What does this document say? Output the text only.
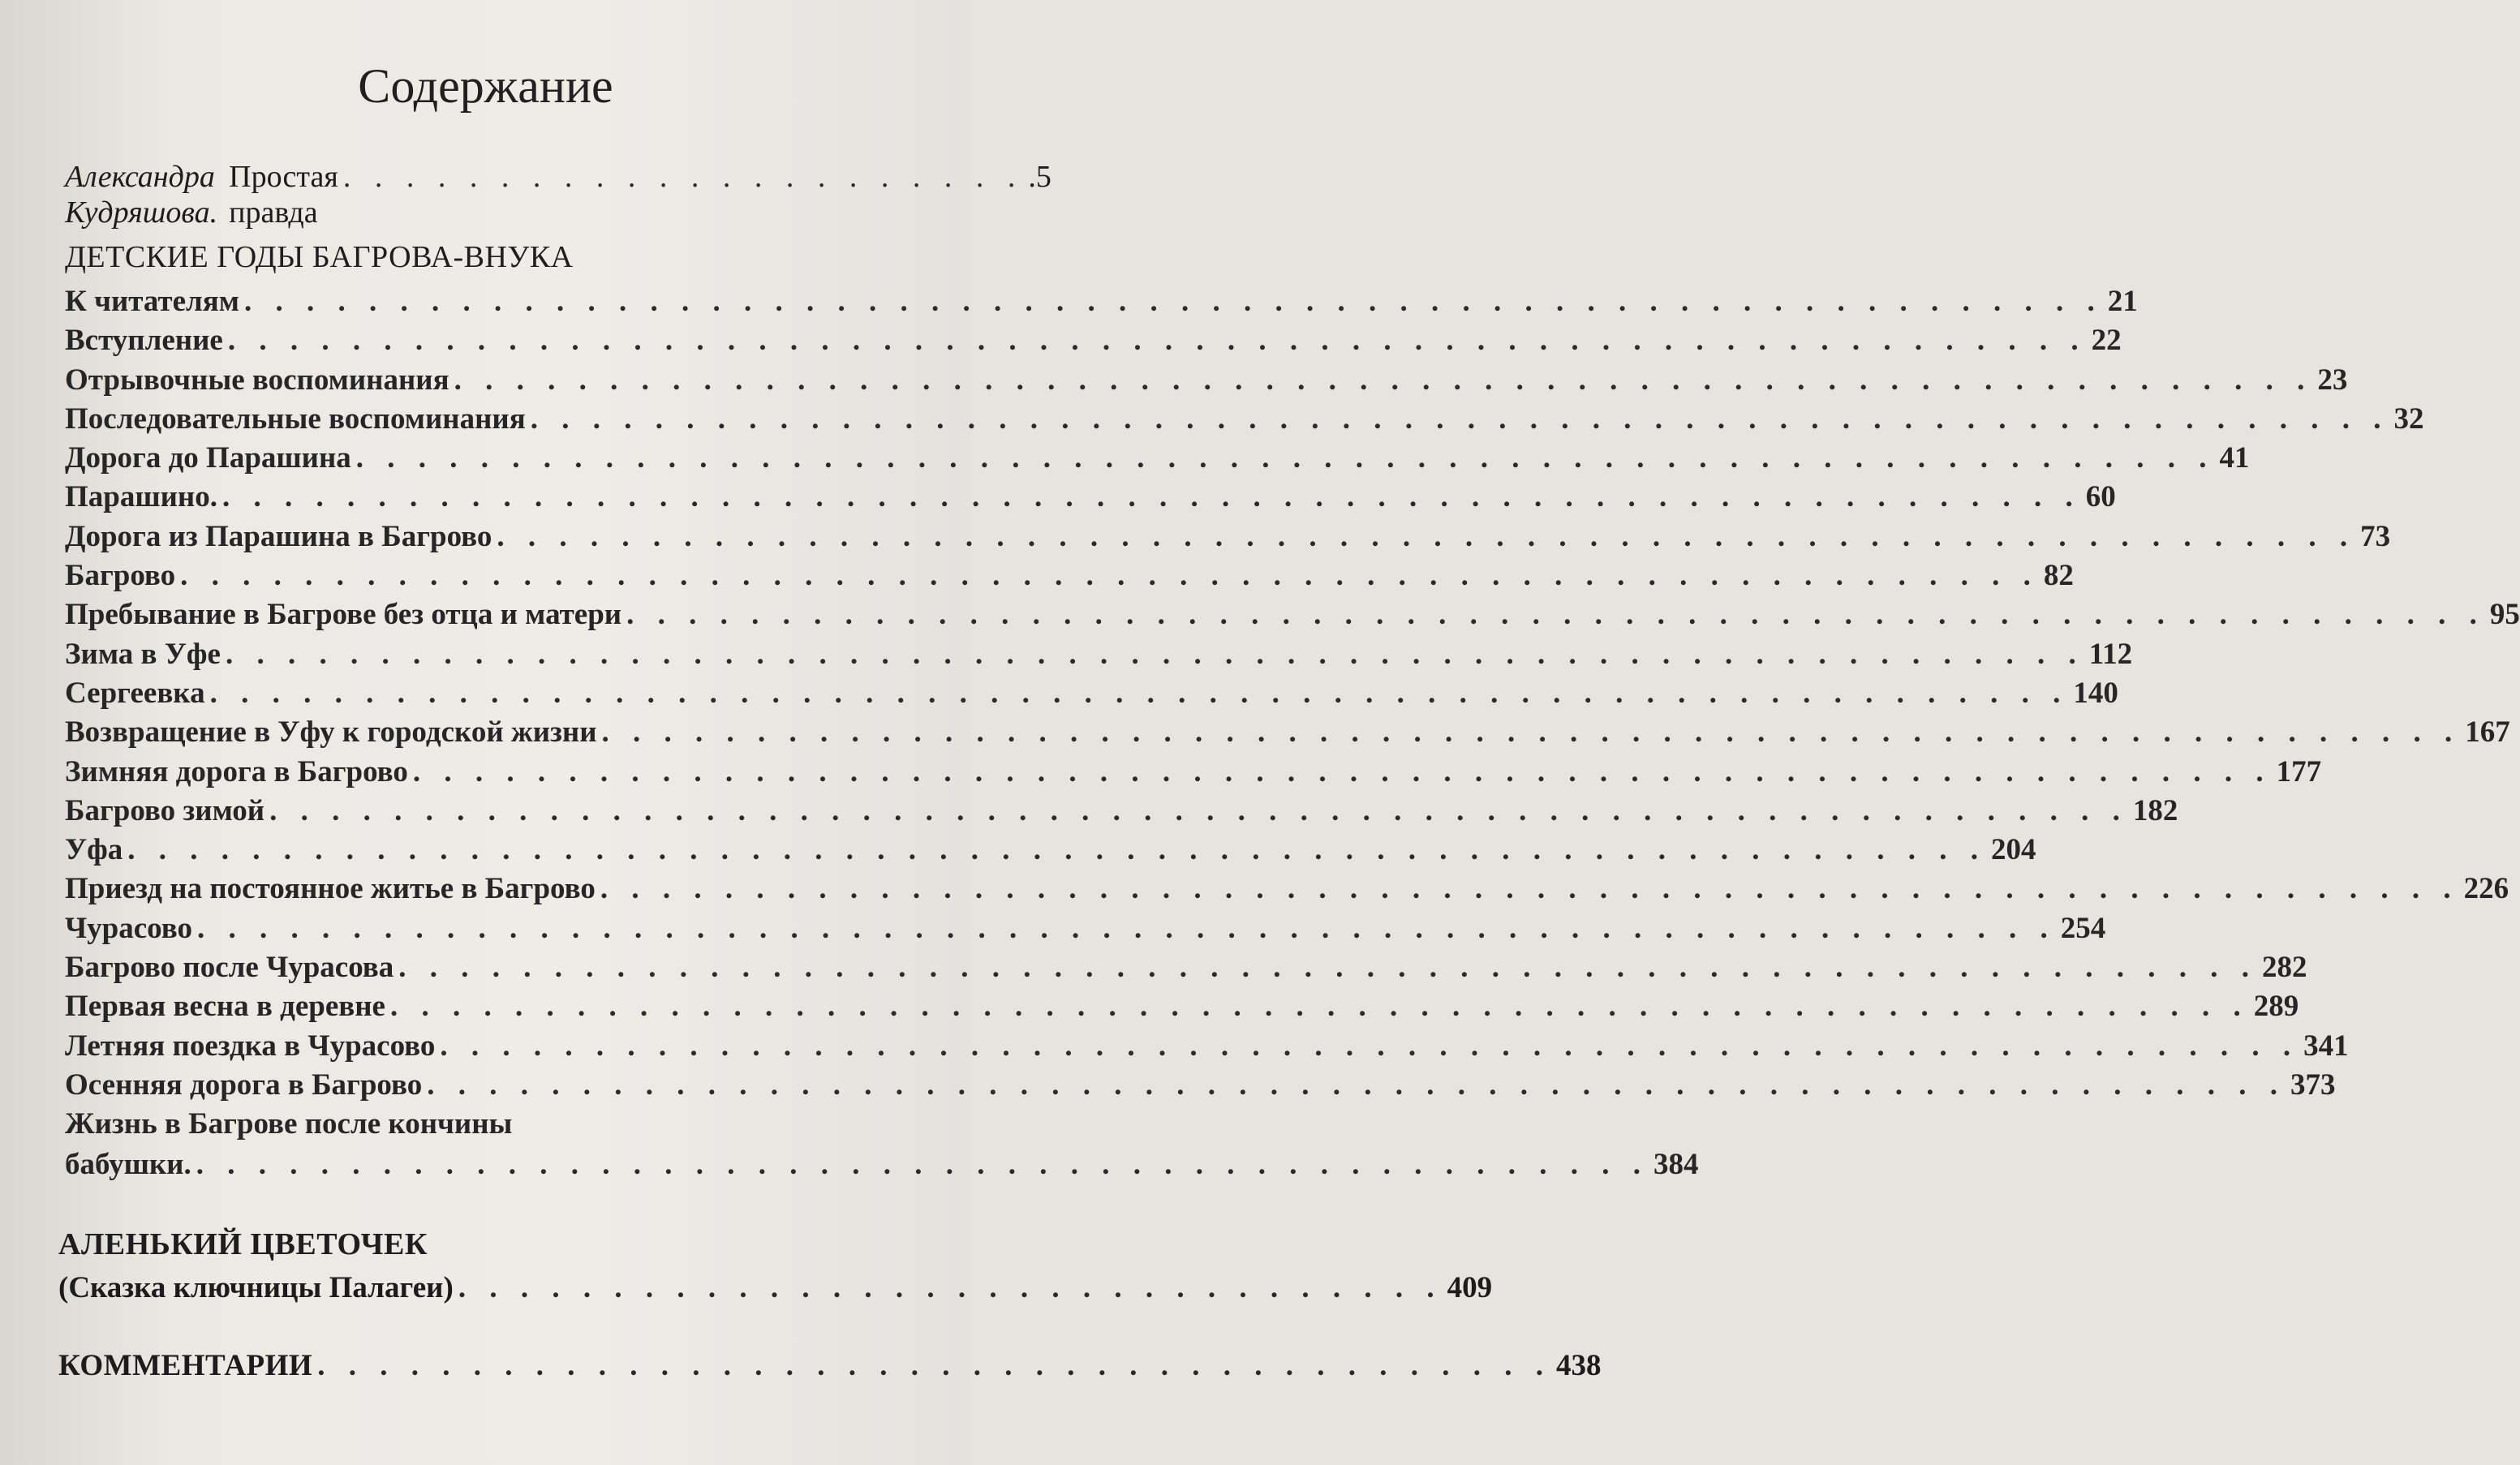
Содержание
Александра Кудряшова.
Простая правда
. . . . . . . . . . . . . . . . . . . . . . .5
ДЕТСКИЕ ГОДЫ БАГРОВА-ВНУКА
К читателям . . . . . . . . . . . . . . . . . . . . . . . . . . . . . . . . . . . . . . . . . . . . . . . . . . . . . . . . . . . . 21
Вступление . . . . . . . . . . . . . . . . . . . . . . . . . . . . . . . . . . . . . . . . . . . . . . . . . . . . . . . . . . . . 22
Отрывочные воспоминания . . . . . . . . . . . . . . . . . . . . . . . . . . . . . . . . . . . . . . . . . . . . . . . . . . . . . . . . . . . . 23
Последовательные воспоминания . . . . . . . . . . . . . . . . . . . . . . . . . . . . . . . . . . . . . . . . . . . . . . . . . . . . . . . . . . . . 32
Дорога до Парашина . . . . . . . . . . . . . . . . . . . . . . . . . . . . . . . . . . . . . . . . . . . . . . . . . . . . . . . . . . . . 41
Парашино. . . . . . . . . . . . . . . . . . . . . . . . . . . . . . . . . . . . . . . . . . . . . . . . . . . . . . . . . . . . . 60
Дорога из Парашина в Багрово . . . . . . . . . . . . . . . . . . . . . . . . . . . . . . . . . . . . . . . . . . . . . . . . . . . . . . . . . . . . 73
Багрово . . . . . . . . . . . . . . . . . . . . . . . . . . . . . . . . . . . . . . . . . . . . . . . . . . . . . . . . . . . . 82
Пребывание в Багрове без отца и матери . . . . . . . . . . . . . . . . . . . . . . . . . . . . . . . . . . . . . . . . . . . . . . . . . . . . . . . . . . . . 95
Зима в Уфе . . . . . . . . . . . . . . . . . . . . . . . . . . . . . . . . . . . . . . . . . . . . . . . . . . . . . . . . . . . . 112
Сергеевка . . . . . . . . . . . . . . . . . . . . . . . . . . . . . . . . . . . . . . . . . . . . . . . . . . . . . . . . . . . . 140
Возвращение в Уфу к городской жизни . . . . . . . . . . . . . . . . . . . . . . . . . . . . . . . . . . . . . . . . . . . . . . . . . . . . . . . . . . . . 167
Зимняя дорога в Багрово . . . . . . . . . . . . . . . . . . . . . . . . . . . . . . . . . . . . . . . . . . . . . . . . . . . . . . . . . . . . 177
Багрово зимой . . . . . . . . . . . . . . . . . . . . . . . . . . . . . . . . . . . . . . . . . . . . . . . . . . . . . . . . . . . . 182
Уфа . . . . . . . . . . . . . . . . . . . . . . . . . . . . . . . . . . . . . . . . . . . . . . . . . . . . . . . . . . . . 204
Приезд на постоянное житье в Багрово . . . . . . . . . . . . . . . . . . . . . . . . . . . . . . . . . . . . . . . . . . . . . . . . . . . . . . . . . . . . 226
Чурасово . . . . . . . . . . . . . . . . . . . . . . . . . . . . . . . . . . . . . . . . . . . . . . . . . . . . . . . . . . . . 254
Багрово после Чурасова . . . . . . . . . . . . . . . . . . . . . . . . . . . . . . . . . . . . . . . . . . . . . . . . . . . . . . . . . . . . 282
Первая весна в деревне . . . . . . . . . . . . . . . . . . . . . . . . . . . . . . . . . . . . . . . . . . . . . . . . . . . . . . . . . . . . 289
Летняя поездка в Чурасово . . . . . . . . . . . . . . . . . . . . . . . . . . . . . . . . . . . . . . . . . . . . . . . . . . . . . . . . . . . . 341
Осенняя дорога в Багрово . . . . . . . . . . . . . . . . . . . . . . . . . . . . . . . . . . . . . . . . . . . . . . . . . . . . . . . . . . . . 373
Жизнь в Багрове после кончины
бабушки. . . . . . . . . . . . . . . . . . . . . . . . . . . . . . . . . . . . . . . . . . . . . . . . 384
АЛЕНЬКИЙ ЦВЕТОЧЕК
(Сказка ключницы Палагеи) . . . . . . . . . . . . . . . . . . . . . . . . . . . . . . . . 409
КОММЕНТАРИИ . . . . . . . . . . . . . . . . . . . . . . . . . . . . . . . . . . . . . . . . 438
